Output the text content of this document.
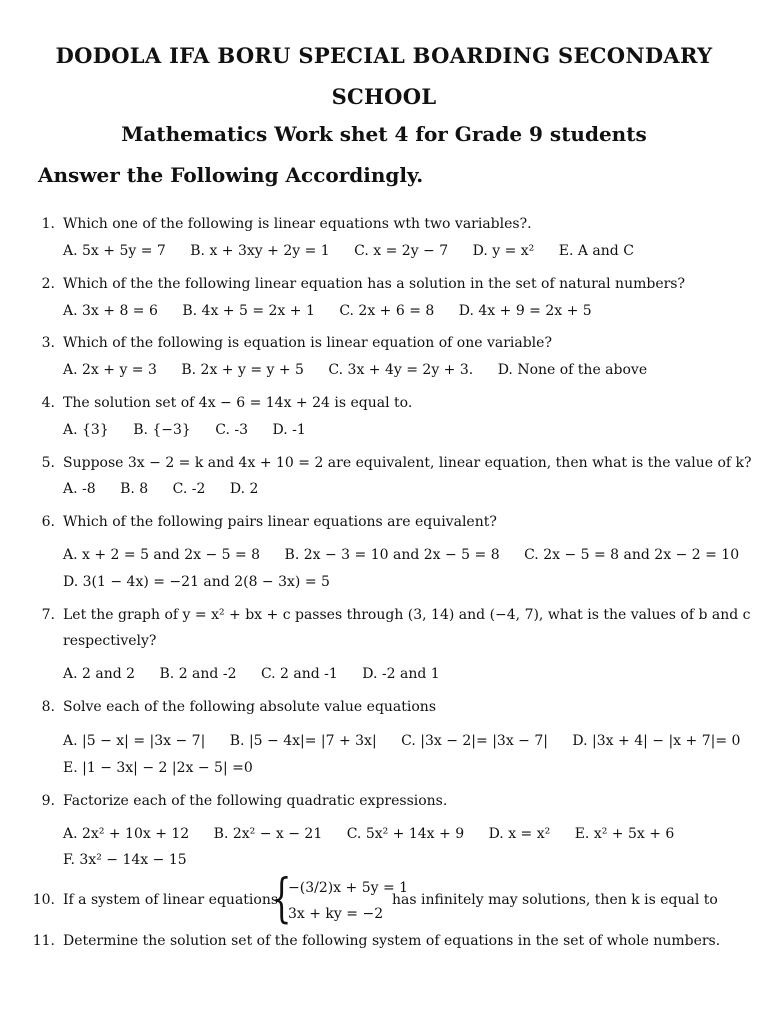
DODOLA IFA BORU SPECIAL BOARDING SECONDARY
SCHOOL
Mathematics Work shet 4 for Grade 9 students
Answer the Following Accordingly.
1. Which one of the following is linear equations wth two variables?.
A. 5x + 5y = 7 B. x + 3xy + 2y = 1 C. x = 2y − 7 D. y = x² E. A and C
2. Which of the the following linear equation has a solution in the set of natural numbers?
A. 3x + 8 = 6 B. 4x + 5 = 2x + 1 C. 2x + 6 = 8 D. 4x + 9 = 2x + 5
3. Which of the following is equation is linear equation of one variable?
A. 2x + y = 3 B. 2x + y = y + 5 C. 3x + 4y = 2y + 3. D. None of the above
4. The solution set of 4x − 6 = 14x + 24 is equal to.
A. {3} B. {−3} C. -3 D. -1
5. Suppose 3x − 2 = k and 4x + 10 = 2 are equivalent, linear equation, then what is the value of k?
A. -8 B. 8 C. -2 D. 2
6. Which of the following pairs linear equations are equivalent?
A. x + 2 = 5 and 2x − 5 = 8 B. 2x − 3 = 10 and 2x − 5 = 8 C. 2x − 5 = 8 and 2x − 2 = 10
D. 3(1 − 4x) = −21 and 2(8 − 3x) = 5
7. Let the graph of y = x² + bx + c passes through (3, 14) and (−4, 7), what is the values of b and c
respectively?
A. 2 and 2 B. 2 and -2 C. 2 and -1 D. -2 and 1
8. Solve each of the following absolute value equations
A. |5 − x| = |3x − 7| B. |5 − 4x|= |7 + 3x| C. |3x − 2|= |3x − 7| D. |3x + 4| − |x + 7|= 0
E. |1 − 3x| − 2 |2x − 5| =0
9. Factorize each of the following quadratic expressions.
A. 2x² + 10x + 12 B. 2x² − x − 21 C. 5x² + 14x + 9 D. x = x² E. x² + 5x + 6
F. 3x² − 14x − 15
10. If a system of linear equations
{
−(3/2)x + 5y = 1
3x + ky = −2
has infinitely may solutions, then k is equal to
11. Determine the solution set of the following system of equations in the set of whole numbers.
